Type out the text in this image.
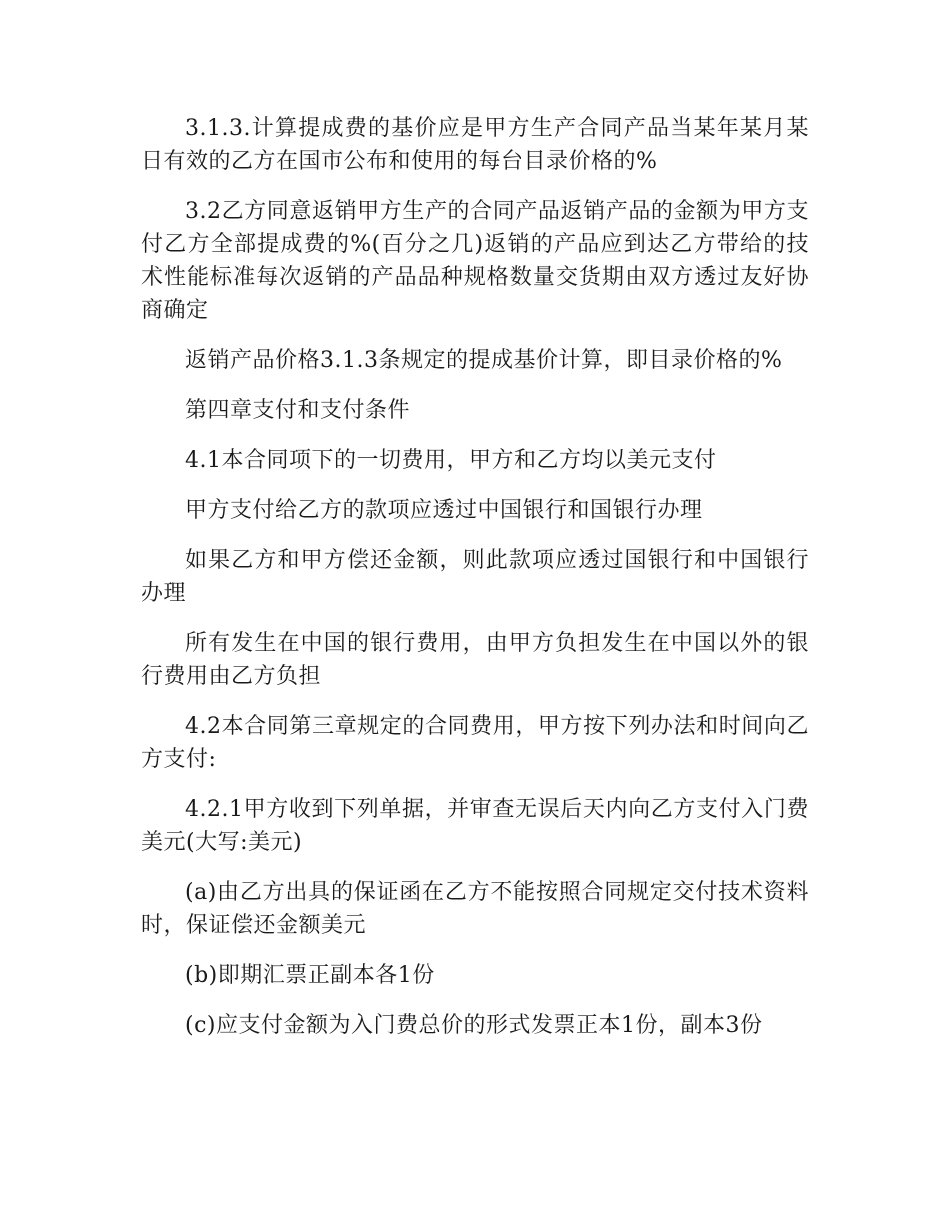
3.1.3.计算提成费的基价应是甲方生产合同产品当某年某月某日有效的乙方在国市公布和使用的每台目录价格的%

3.2乙方同意返销甲方生产的合同产品返销产品的金额为甲方支付乙方全部提成费的%(百分之几)返销的产品应到达乙方带给的技术性能标准每次返销的产品品种规格数量交货期由双方透过友好协商确定

返销产品价格3.1.3条规定的提成基价计算，即目录价格的%

第四章支付和支付条件

4.1本合同项下的一切费用，甲方和乙方均以美元支付

甲方支付给乙方的款项应透过中国银行和国银行办理

如果乙方和甲方偿还金额，则此款项应透过国银行和中国银行办理

所有发生在中国的银行费用，由甲方负担发生在中国以外的银行费用由乙方负担

4.2本合同第三章规定的合同费用，甲方按下列办法和时间向乙方支付:

4.2.1甲方收到下列单据，并审查无误后天内向乙方支付入门费美元(大写:美元)

(a)由乙方出具的保证函在乙方不能按照合同规定交付技术资料时，保证偿还金额美元

(b)即期汇票正副本各1份

(c)应支付金额为入门费总价的形式发票正本1份，副本3份
